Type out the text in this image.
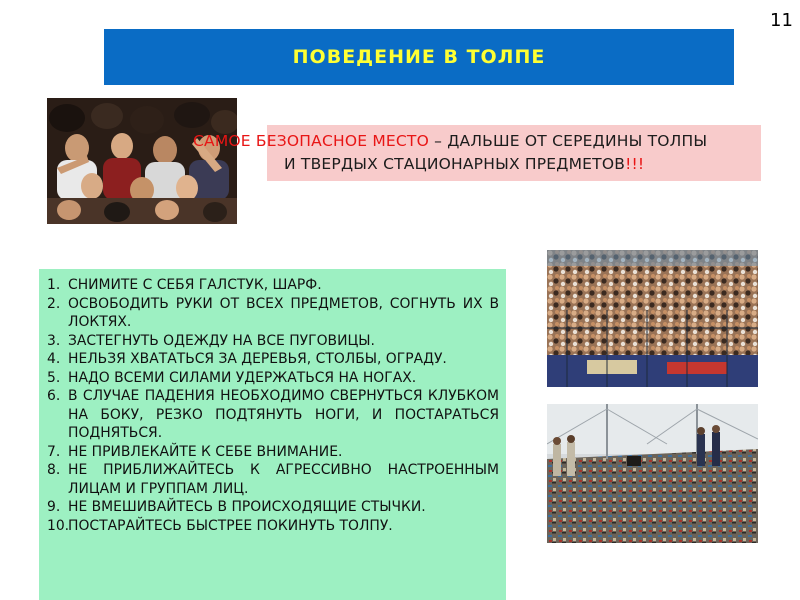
11
ПОВЕДЕНИЕ В ТОЛПЕ
САМОЕ БЕЗОПАСНОЕ МЕСТО – ДАЛЬШЕ ОТ СЕРЕДИНЫ ТОЛПЫ
И ТВЕРДЫХ СТАЦИОНАРНЫХ ПРЕДМЕТОВ!!!
1. СНИМИТЕ С СЕБЯ ГАЛСТУК, ШАРФ.
2. ОСВОБОДИТЬ РУКИ ОТ ВСЕХ ПРЕДМЕТОВ, СОГНУТЬ ИХ В ЛОКТЯХ.
3. ЗАСТЕГНУТЬ ОДЕЖДУ НА ВСЕ ПУГОВИЦЫ.
4. НЕЛЬЗЯ ХВАТАТЬСЯ ЗА ДЕРЕВЬЯ, СТОЛБЫ, ОГРАДУ.
5. НАДО ВСЕМИ СИЛАМИ УДЕРЖАТЬСЯ НА НОГАХ.
6. В СЛУЧАЕ ПАДЕНИЯ НЕОБХОДИМО СВЕРНУТЬСЯ КЛУБКОМ НА БОКУ, РЕЗКО ПОДТЯНУТЬ НОГИ, И ПОСТАРАТЬСЯ ПОДНЯТЬСЯ.
7. НЕ ПРИВЛЕКАЙТЕ К СЕБЕ ВНИМАНИЕ.
8. НЕ ПРИБЛИЖАЙТЕСЬ К АГРЕССИВНО НАСТРОЕННЫМ ЛИЦАМ И ГРУППАМ ЛИЦ.
9. НЕ ВМЕШИВАЙТЕСЬ В ПРОИСХОДЯЩИЕ СТЫЧКИ.
10.
ПОСТАРАЙТЕСЬ БЫСТРЕЕ ПОКИНУТЬ ТОЛПУ.
